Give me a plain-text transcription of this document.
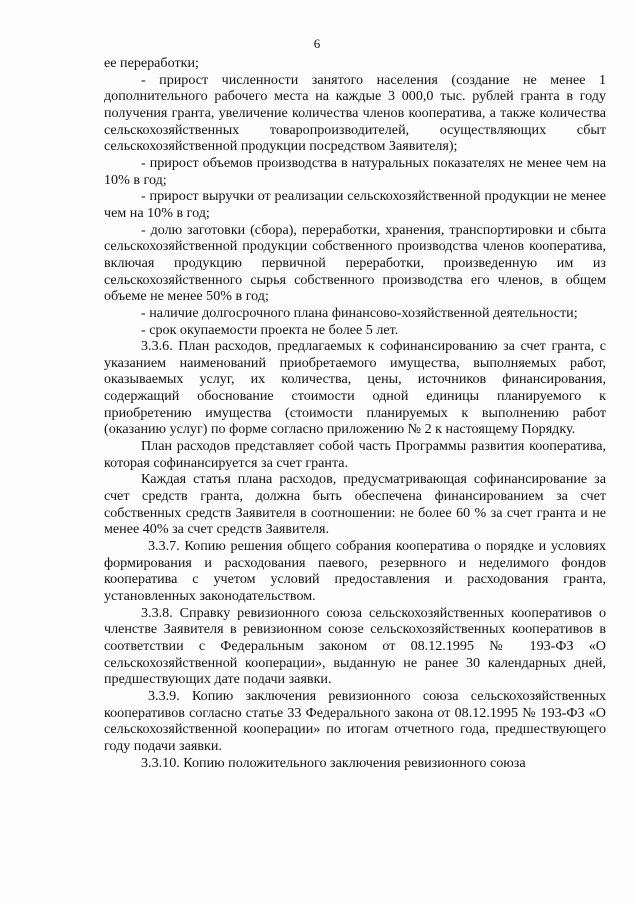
6

ее переработки;

- прирост численности занятого населения (создание не менее 1 дополнительного рабочего места на каждые 3 000,0 тыс. рублей гранта в году получения гранта, увеличение количества членов кооператива, а также количества сельскохозяйственных товаропроизводителей, осуществляющих сбыт сельскохозяйственной продукции посредством Заявителя);

- прирост объемов производства в натуральных показателях не менее чем на 10% в год;

- прирост выручки от реализации сельскохозяйственной продукции не менее чем на 10% в год;

- долю заготовки (сбора), переработки, хранения, транспортировки и сбыта сельскохозяйственной продукции собственного производства членов кооператива, включая продукцию первичной переработки, произведенную им из сельскохозяйственного сырья собственного производства его членов, в общем объеме не менее 50% в год;

- наличие долгосрочного плана финансово-хозяйственной деятельности;

- срок окупаемости проекта не более 5 лет.

3.3.6. План расходов, предлагаемых к софинансированию за счет гранта, с указанием наименований приобретаемого имущества, выполняемых работ, оказываемых услуг, их количества, цены, источников финансирования, содержащий обоснование стоимости одной единицы планируемого к приобретению имущества (стоимости планируемых к выполнению работ (оказанию услуг) по форме согласно приложению № 2 к настоящему Порядку.

План расходов представляет собой часть Программы развития кооператива, которая софинансируется за счет гранта.

Каждая статья плана расходов, предусматривающая софинансирование за счет средств гранта, должна быть обеспечена финансированием за счет собственных средств Заявителя в соотношении: не более 60 % за счет гранта и не менее 40% за счет средств Заявителя.

3.3.7. Копию решения общего собрания кооператива о порядке и условиях формирования и расходования паевого, резервного и неделимого фондов кооператива с учетом условий предоставления и расходования гранта, установленных законодательством.

3.3.8. Справку ревизионного союза сельскохозяйственных кооперативов о членстве Заявителя в ревизионном союзе сельскохозяйственных кооперативов в соответствии с Федеральным законом от 08.12.1995 № 193-ФЗ «О сельскохозяйственной кооперации», выданную не ранее 30 календарных дней, предшествующих дате подачи заявки.

3.3.9. Копию заключения ревизионного союза сельскохозяйственных кооперативов согласно статье 33 Федерального закона от 08.12.1995 № 193-ФЗ «О сельскохозяйственной кооперации» по итогам отчетного года, предшествующего году подачи заявки.

3.3.10. Копию положительного заключения ревизионного союза
